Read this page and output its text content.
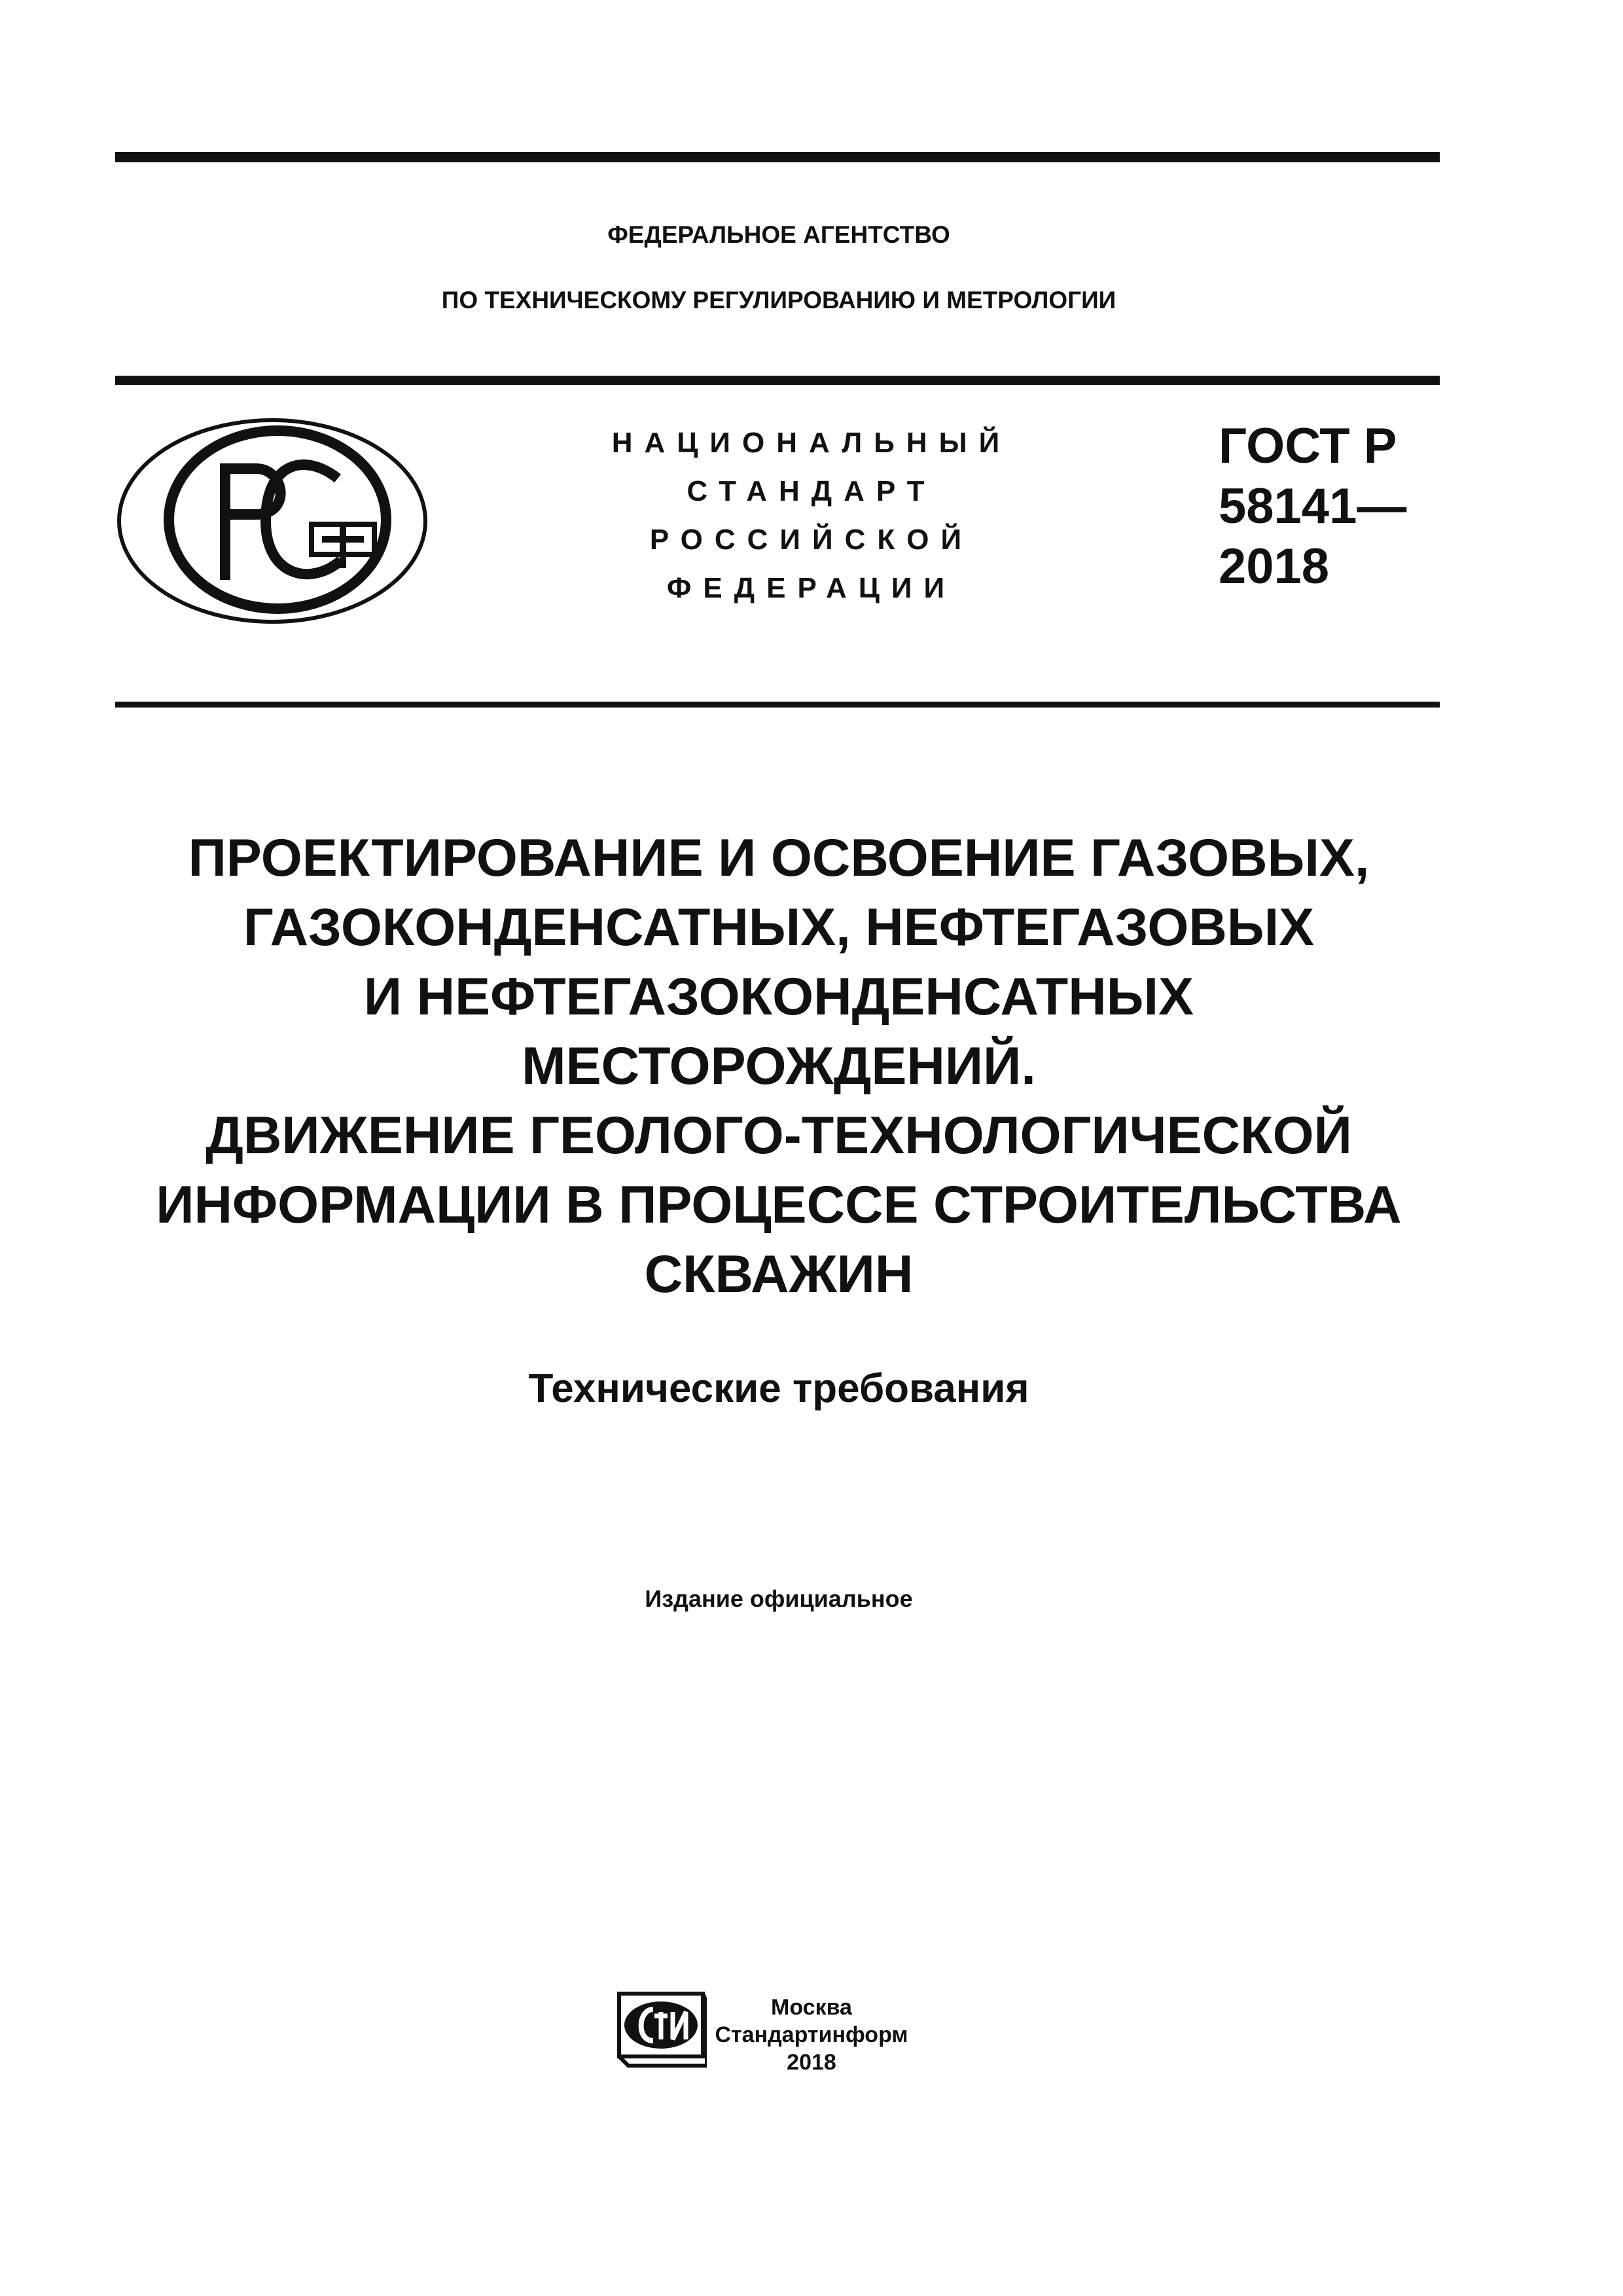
ФЕДЕРАЛЬНОЕ АГЕНТСТВО
ПО ТЕХНИЧЕСКОМУ РЕГУЛИРОВАНИЮ И МЕТРОЛОГИИ
НАЦИОНАЛЬНЫЙ
СТАНДАРТ
РОССИЙСКОЙ
ФЕДЕРАЦИИ
ГОСТ Р
58141—
2018
ПРОЕКТИРОВАНИЕ И ОСВОЕНИЕ ГАЗОВЫХ,
ГАЗОКОНДЕНСАТНЫХ, НЕФТЕГАЗОВЫХ
И НЕФТЕГАЗОКОНДЕНСАТНЫХ
МЕСТОРОЖДЕНИЙ.
ДВИЖЕНИЕ ГЕОЛОГО-ТЕХНОЛОГИЧЕСКОЙ
ИНФОРМАЦИИ В ПРОЦЕССЕ СТРОИТЕЛЬСТВА
СКВАЖИН
Технические требования
Издание официальное
Москва
Стандартинформ
2018
